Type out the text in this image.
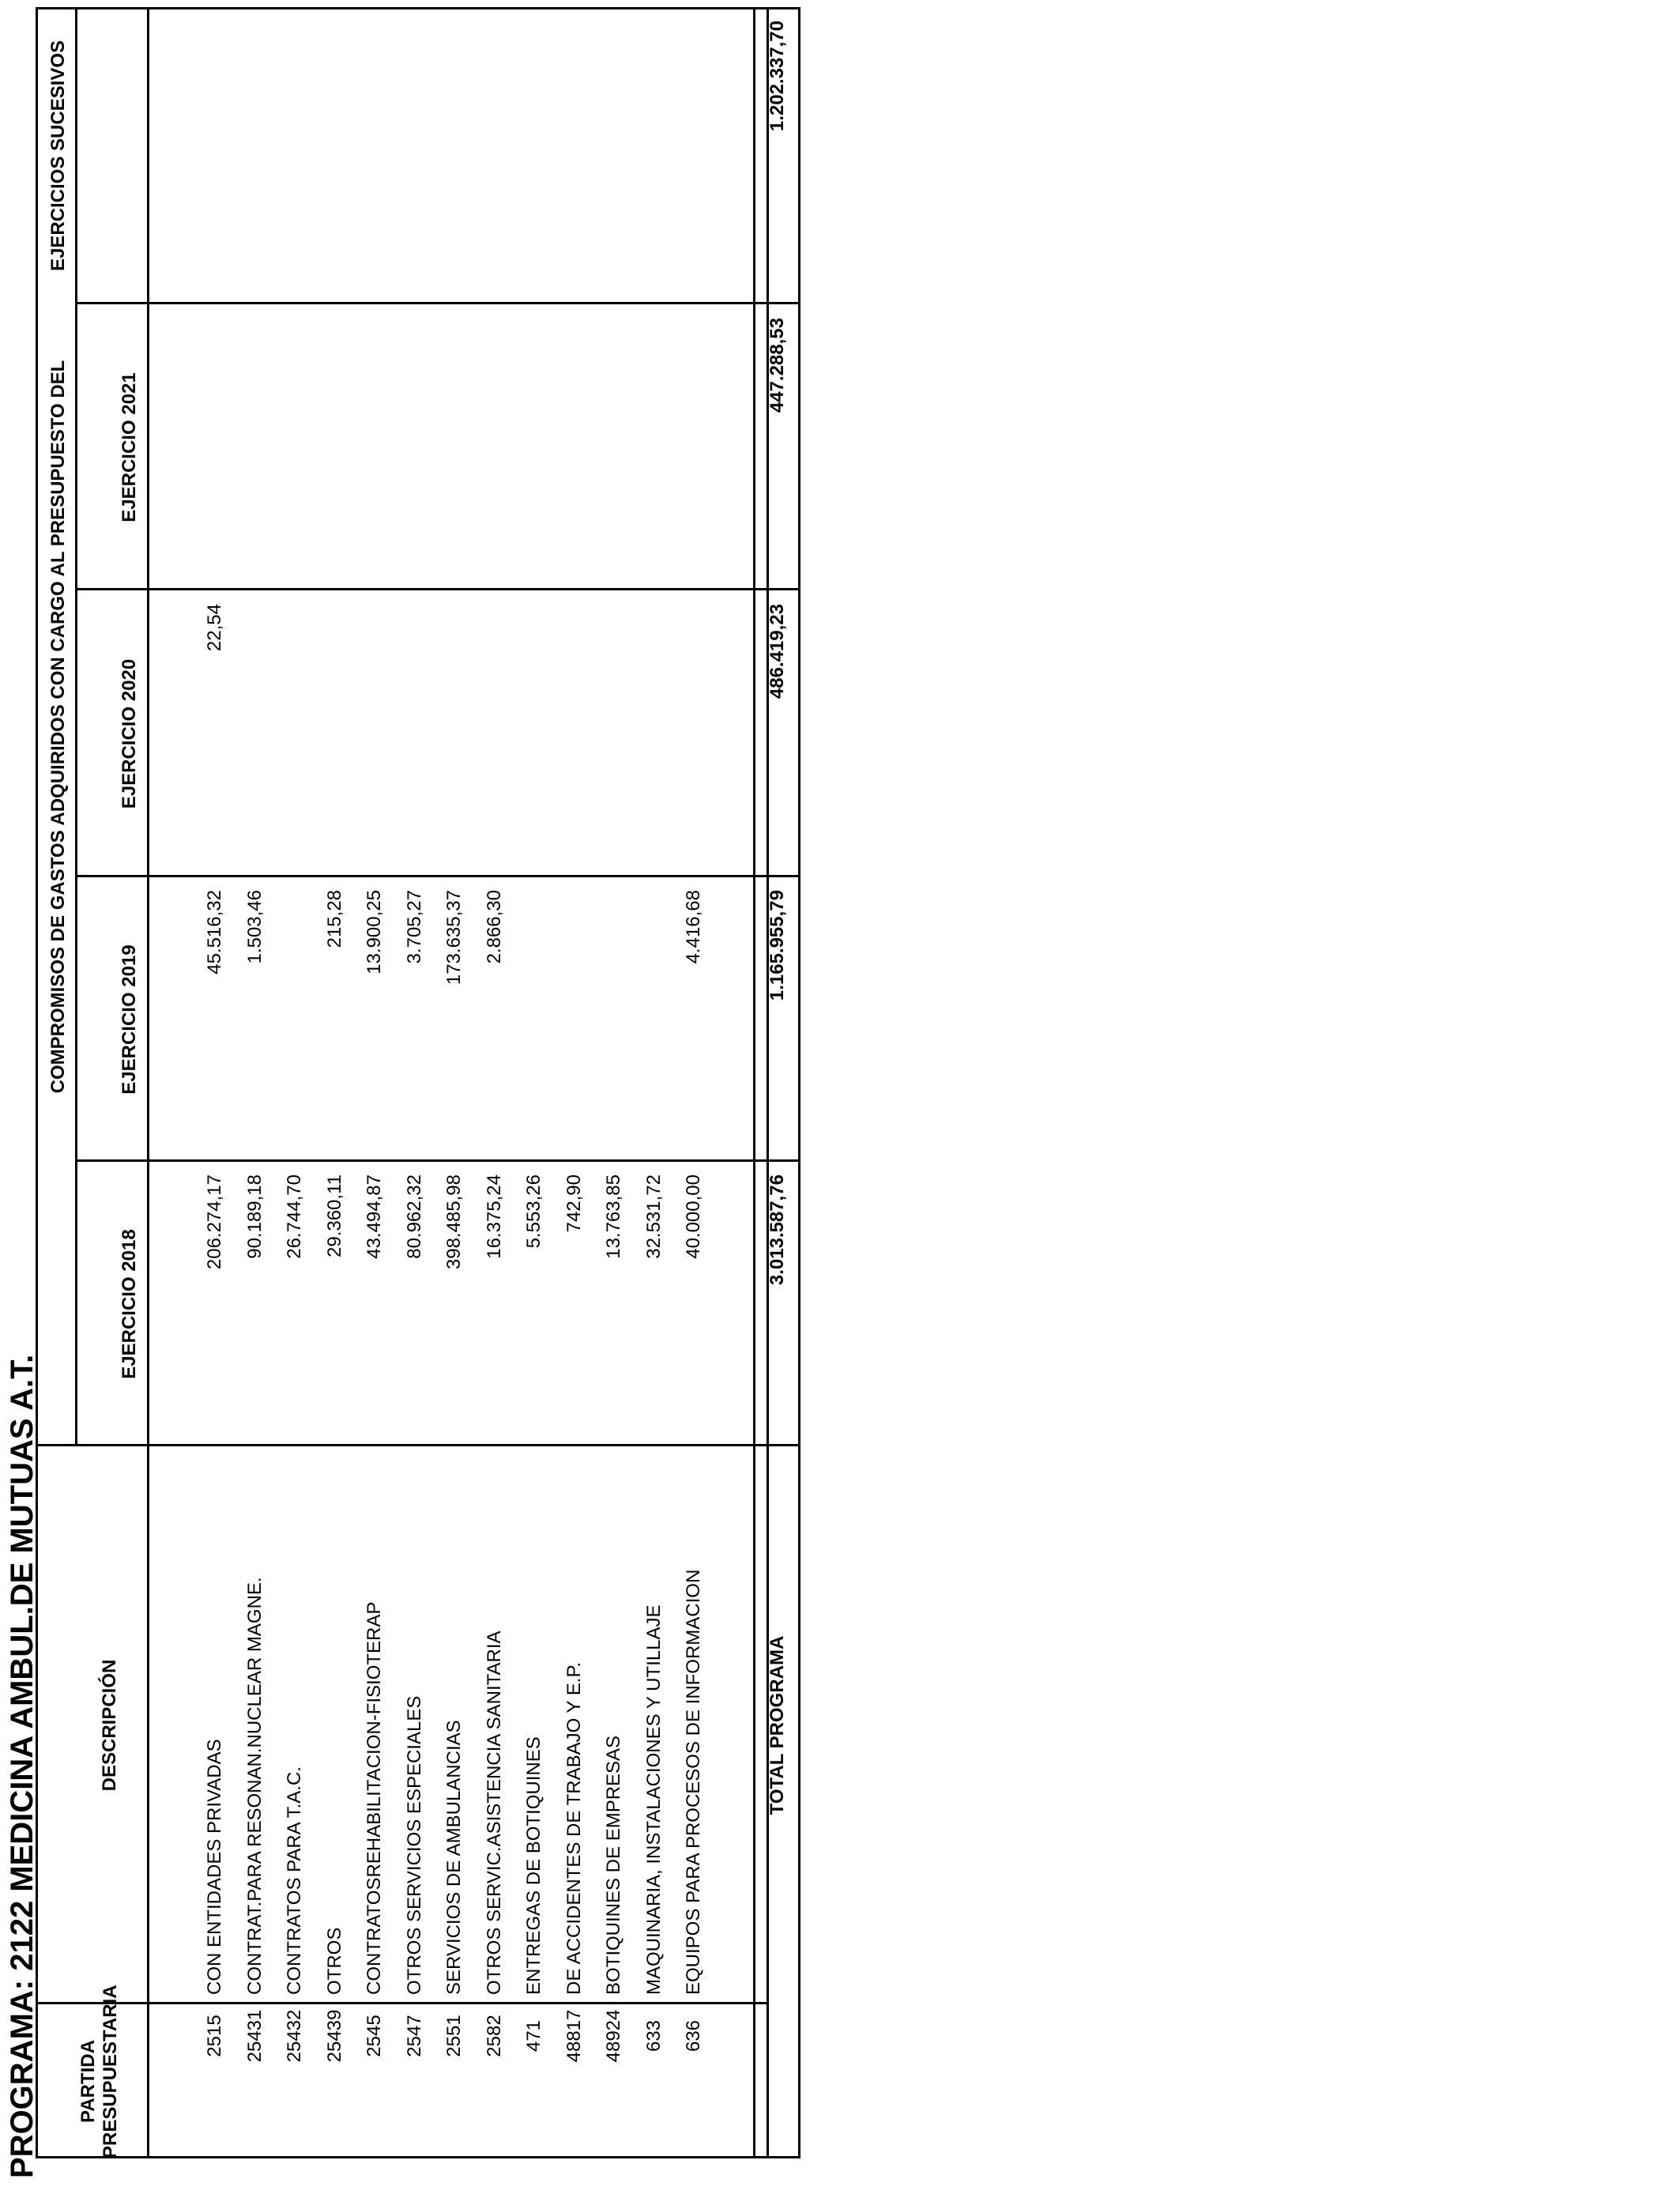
PROGRAMA: 2122 MEDICINA AMBUL.DE MUTUAS A.T. PARTIDA
PRESUPUESTARIA
DESCRIPCIÓN
COMPROMISOS DE GASTOS ADQUIRIDOS CON CARGO AL PRESUPUESTO DEL
EJERCICIO 2018
EJERCICIO 2019
EJERCICIO 2020
EJERCICIO 2021
EJERCICIOS SUCESIVOS
2515
CON ENTIDADES PRIVADAS
206.274,17
45.516,32
22,54
25431
CONTRAT.PARA RESONAN.NUCLEAR MAGNE.
90.189,18
1.503,46
25432
CONTRATOS PARA T.A.C.
26.744,70
25439
OTROS
29.360,11
215,28
2545
CONTRATOSREHABILITACION-FISIOTERAP
43.494,87
13.900,25
2547
OTROS SERVICIOS ESPECIALES
80.962,32
3.705,27
2551
SERVICIOS DE AMBULANCIAS
398.485,98
173.635,37
2582
OTROS SERVIC.ASISTENCIA SANITARIA
16.375,24
2.866,30
471
ENTREGAS DE BOTIQUINES
5.553,26
48817
DE ACCIDENTES DE TRABAJO Y E.P.
742,90
48924
BOTIQUINES DE EMPRESAS
13.763,85
633
MAQUINARIA, INSTALACIONES Y UTILLAJE
32.531,72
636
EQUIPOS PARA PROCESOS DE INFORMACION
40.000,00
4.416,68
TOTAL PROGRAMA
3.013.587,76
1.165.955,79
486.419,23
447.288,53
1.202.337,70
